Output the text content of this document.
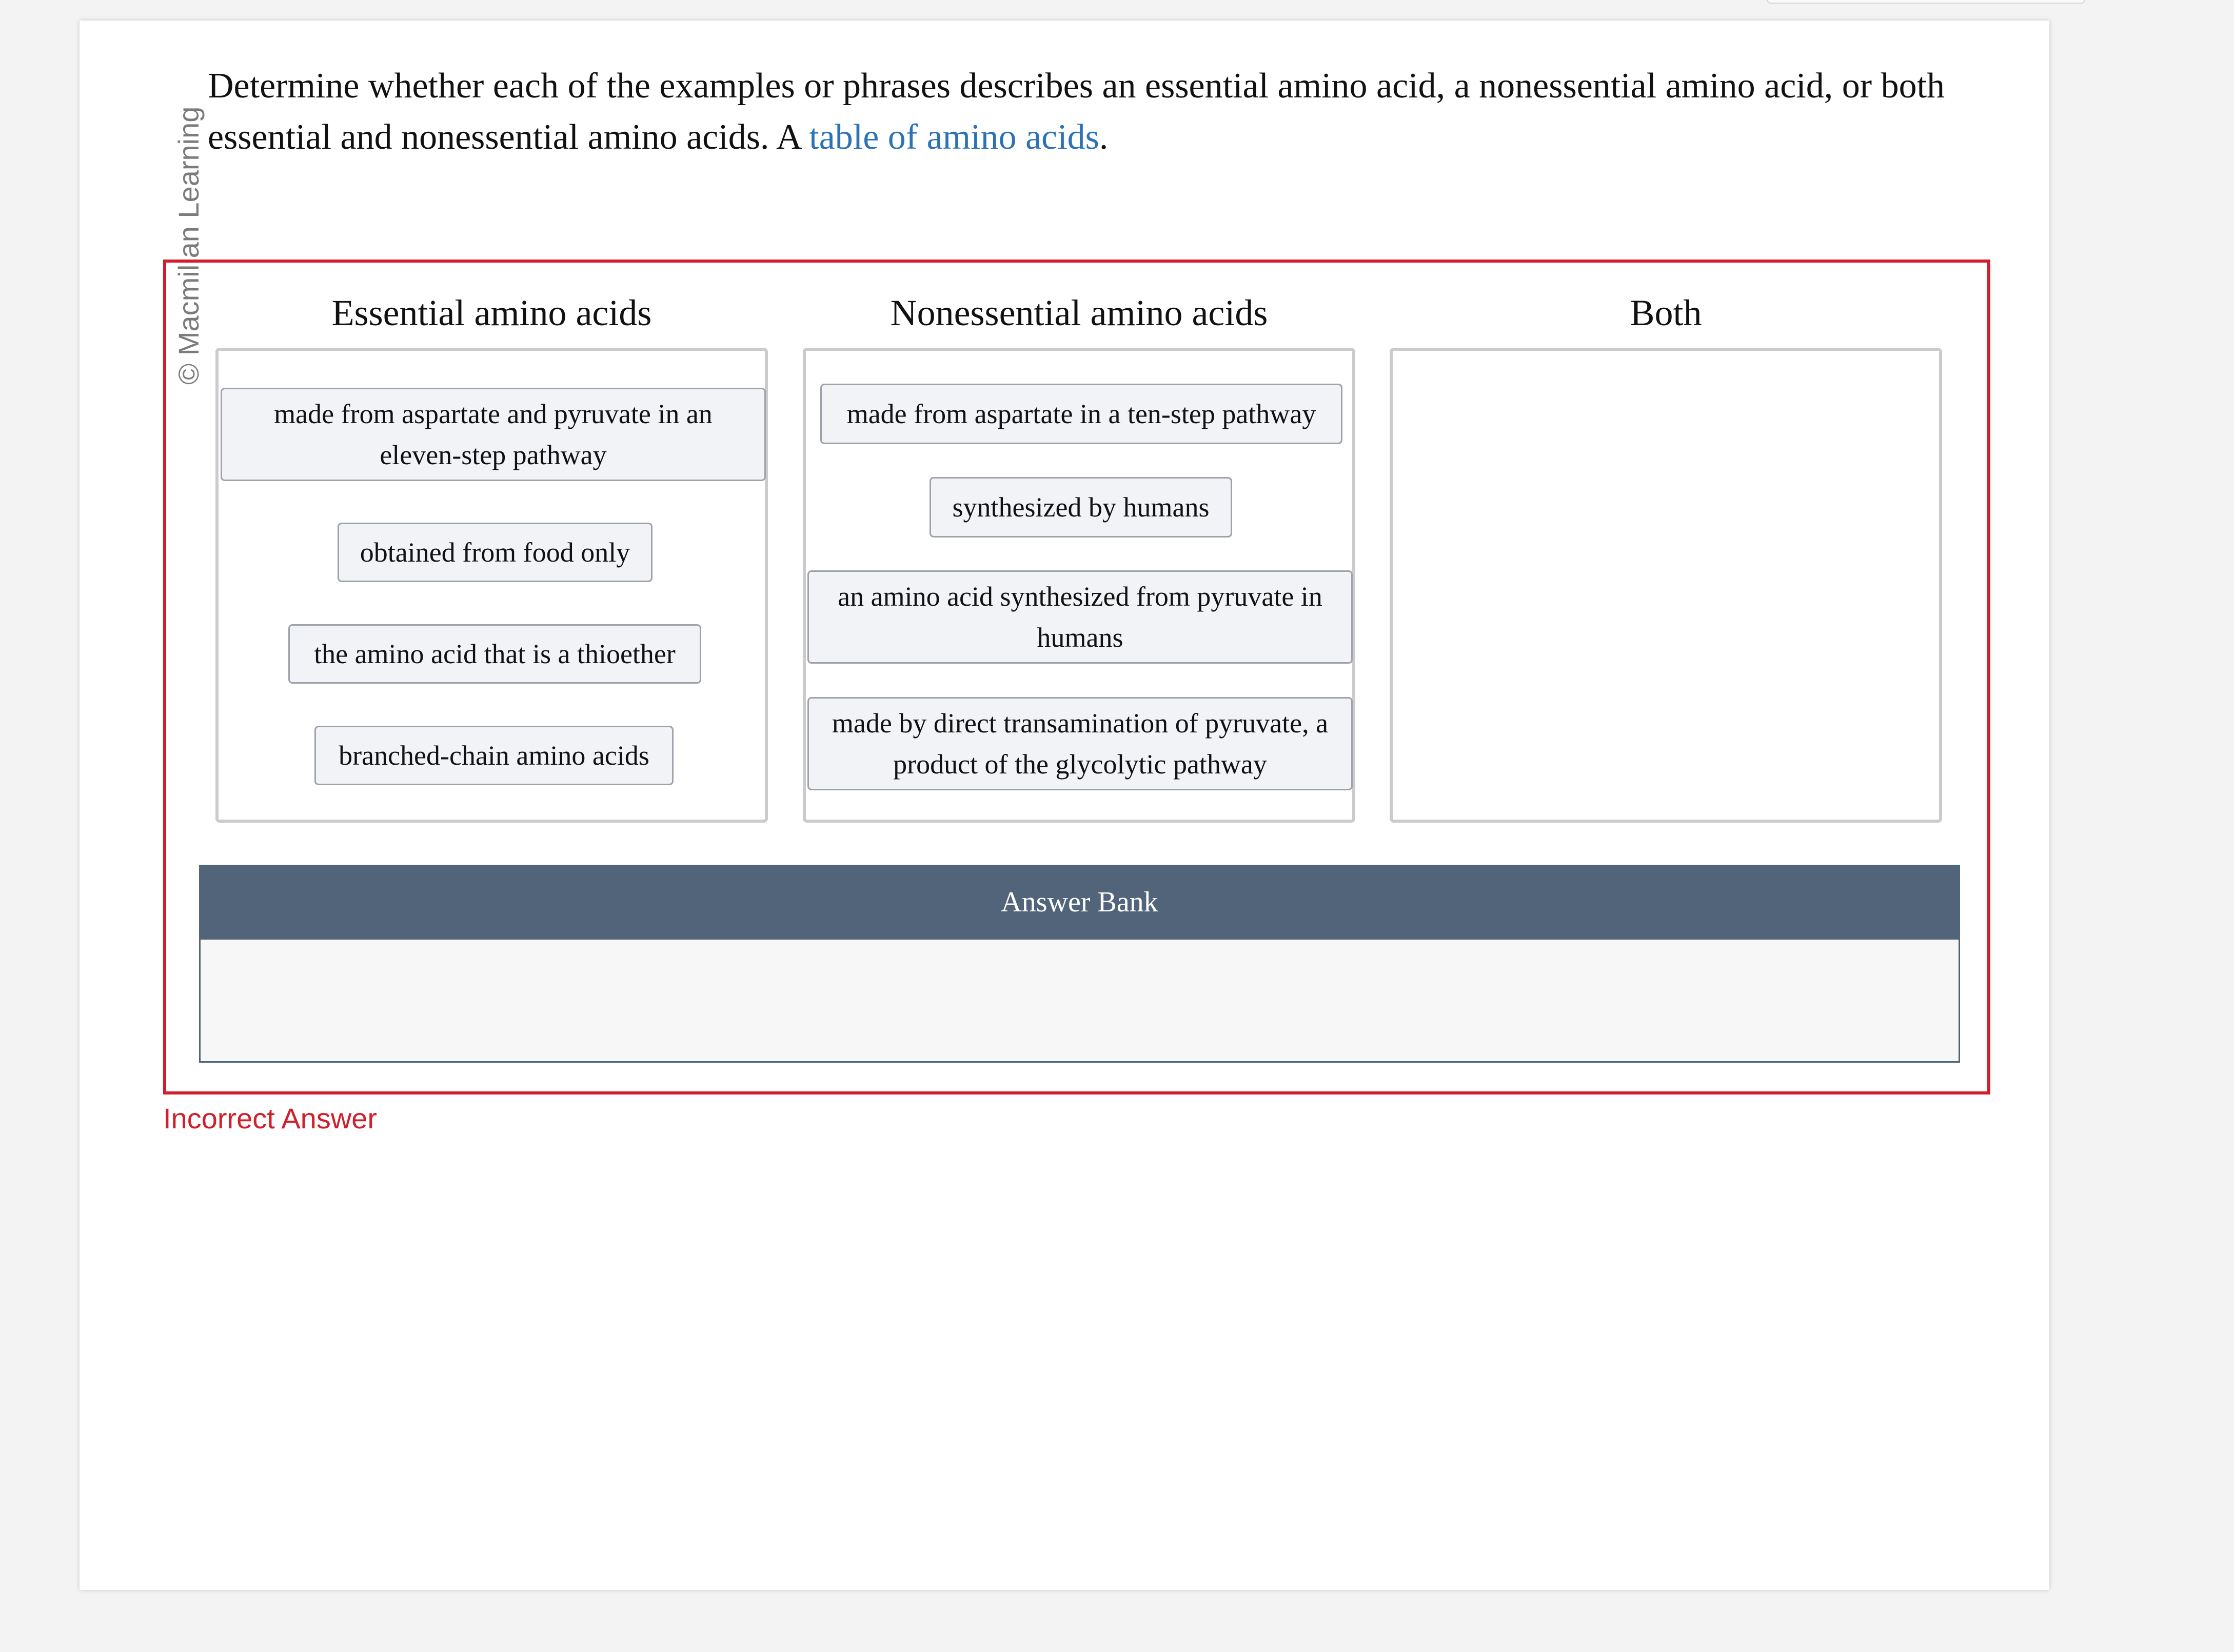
© Macmillan Learning
Determine whether each of the examples or phrases describes an essential amino acid, a nonessential amino acid, or both essential and nonessential amino acids. A table of amino acids.
Essential amino acids
made from aspartate and pyruvate in an eleven-step pathway
obtained from food only
the amino acid that is a thioether
branched-chain amino acids
Nonessential amino acids
made from aspartate in a ten-step pathway
synthesized by humans
an amino acid synthesized from pyruvate in humans
made by direct transamination of pyruvate, a product of the glycolytic pathway
Both
Answer Bank
Incorrect Answer
